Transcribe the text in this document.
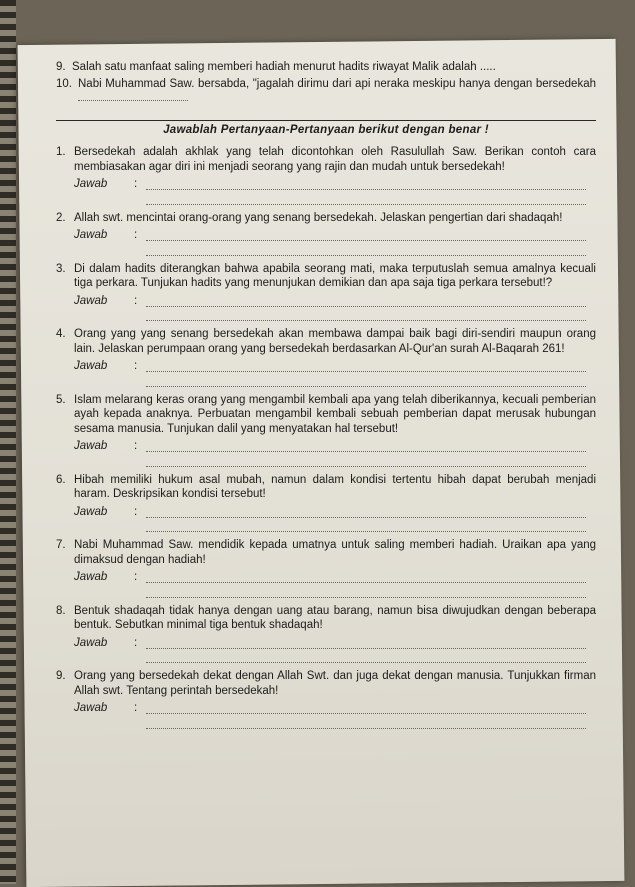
9. Salah satu manfaat saling memberi hadiah menurut hadits riwayat Malik adalah .....
10. Nabi Muhammad Saw. bersabda, "jagalah dirimu dari api neraka meskipu hanya dengan bersedekah
Jawablah Pertanyaan-Pertanyaan berikut dengan benar !
1. Bersedekah adalah akhlak yang telah dicontohkan oleh Rasulullah Saw. Berikan contoh cara membiasakan agar diri ini menjadi seorang yang rajin dan mudah untuk bersedekah!
Jawab	:
2. Allah swt. mencintai orang-orang yang senang bersedekah. Jelaskan pengertian dari shadaqah!
Jawab	:
3. Di dalam hadits diterangkan bahwa apabila seorang mati, maka terputuslah semua amalnya kecuali tiga perkara. Tunjukan hadits yang menunjukan demikian dan apa saja tiga perkara tersebut!?
Jawab	:
4. Orang yang yang senang bersedekah akan membawa dampai baik bagi diri-sendiri maupun orang lain. Jelaskan perumpaan orang yang bersedekah berdasarkan Al-Qur'an surah Al-Baqarah 261!
Jawab	:
5. Islam melarang keras orang yang mengambil kembali apa yang telah diberikannya, kecuali pemberian ayah kepada anaknya. Perbuatan mengambil kembali sebuah pemberian dapat merusak hubungan sesama manusia. Tunjukan dalil yang menyatakan hal tersebut!
Jawab	:
6. Hibah memiliki hukum asal mubah, namun dalam kondisi tertentu hibah dapat berubah menjadi haram. Deskripsikan kondisi tersebut!
Jawab	:
7. Nabi Muhammad Saw. mendidik kepada umatnya untuk saling memberi hadiah. Uraikan apa yang dimaksud dengan hadiah!
Jawab	:
8. Bentuk shadaqah tidak hanya dengan uang atau barang, namun bisa diwujudkan dengan beberapa bentuk. Sebutkan minimal tiga bentuk shadaqah!
Jawab	:
9. Orang yang bersedekah dekat dengan Allah Swt. dan juga dekat dengan manusia. Tunjukkan firman Allah swt. Tentang perintah bersedekah!
Jawab	:
